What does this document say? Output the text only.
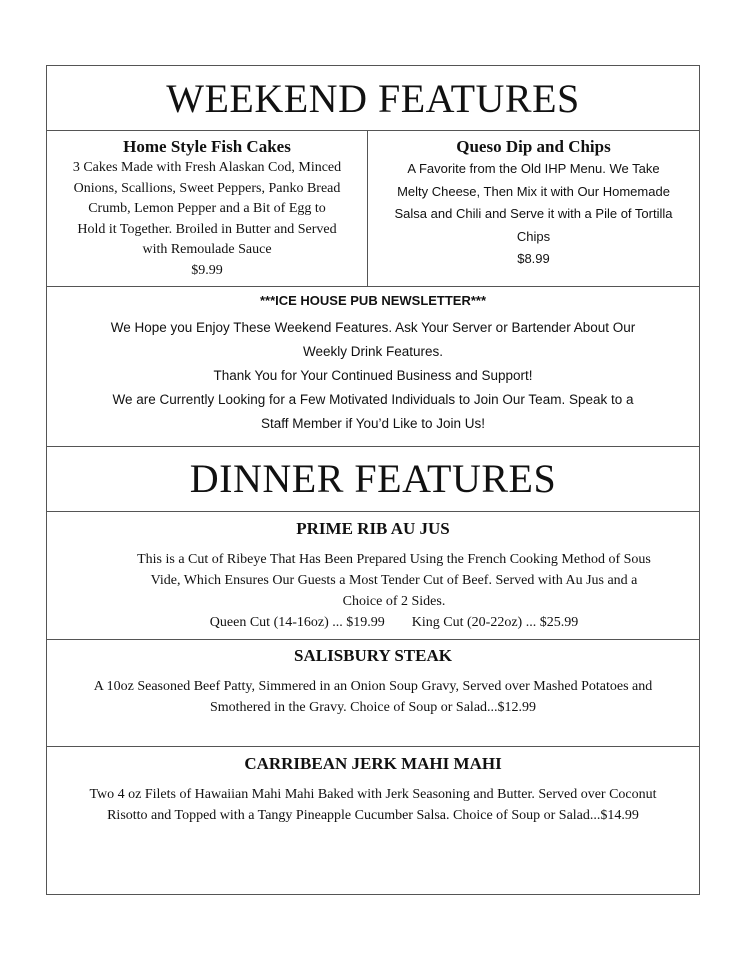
WEEKEND FEATURES
Home Style Fish Cakes
3 Cakes Made with Fresh Alaskan Cod, Minced
Onions, Scallions, Sweet Peppers, Panko Bread
Crumb, Lemon Pepper and a Bit of Egg to
Hold it Together. Broiled in Butter and Served
with Remoulade Sauce
$9.99
Queso Dip and Chips
A Favorite from the Old IHP Menu. We Take
Melty Cheese, Then Mix it with Our Homemade
Salsa and Chili and Serve it with a Pile of Tortilla
Chips
$8.99
***ICE HOUSE PUB NEWSLETTER***
We Hope you Enjoy These Weekend Features. Ask Your Server or Bartender About Our
Weekly Drink Features.
Thank You for Your Continued Business and Support!
We are Currently Looking for a Few Motivated Individuals to Join Our Team. Speak to a
Staff Member if You’d Like to Join Us!
DINNER FEATURES
PRIME RIB AU JUS
This is a Cut of Ribeye That Has Been Prepared Using the French Cooking Method of Sous
Vide, Which Ensures Our Guests a Most Tender Cut of Beef. Served with Au Jus and a
Choice of 2 Sides.
Queen Cut (14-16oz) ... $19.99 King Cut (20-22oz) ... $25.99
SALISBURY STEAK
A 10oz Seasoned Beef Patty, Simmered in an Onion Soup Gravy, Served over Mashed Potatoes and
Smothered in the Gravy. Choice of Soup or Salad...$12.99
CARRIBEAN JERK MAHI MAHI
Two 4 oz Filets of Hawaiian Mahi Mahi Baked with Jerk Seasoning and Butter. Served over Coconut
Risotto and Topped with a Tangy Pineapple Cucumber Salsa. Choice of Soup or Salad...$14.99
